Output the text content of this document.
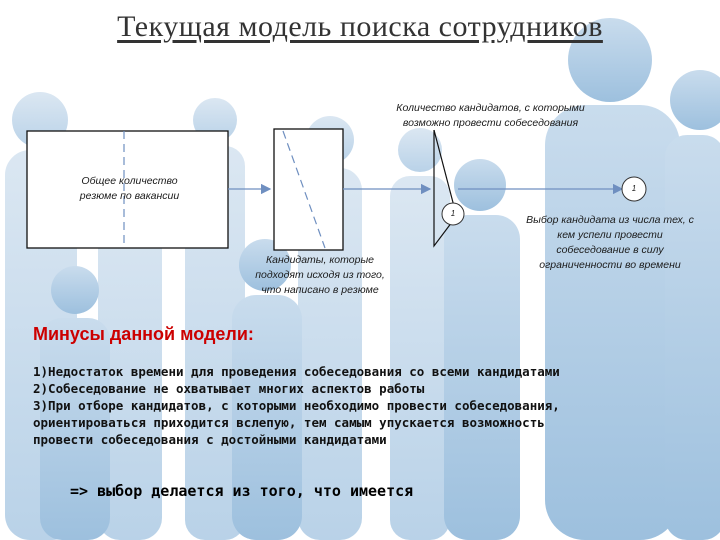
Текущая модель поиска сотрудников
1
1
Общее количество резюме по вакансии
Кандидаты, которые подходят исходя из того, что написано в резюме
Количество кандидатов, с которыми возможно провести собеседования
Выбор кандидата из числа тех, с кем успели провести собеседование в силу ограниченности во времени
Минусы данной модели:
1)Недостаток времени для проведения собеседования со всеми кандидатами
2)Собеседование не охватывает многих аспектов работы
3)При отборе кандидатов, с которыми необходимо провести собеседования,
ориентироваться приходится вслепую, тем самым упускается возможность
провести собеседования с достойными кандидатами
=> выбор делается из того, что имеется
